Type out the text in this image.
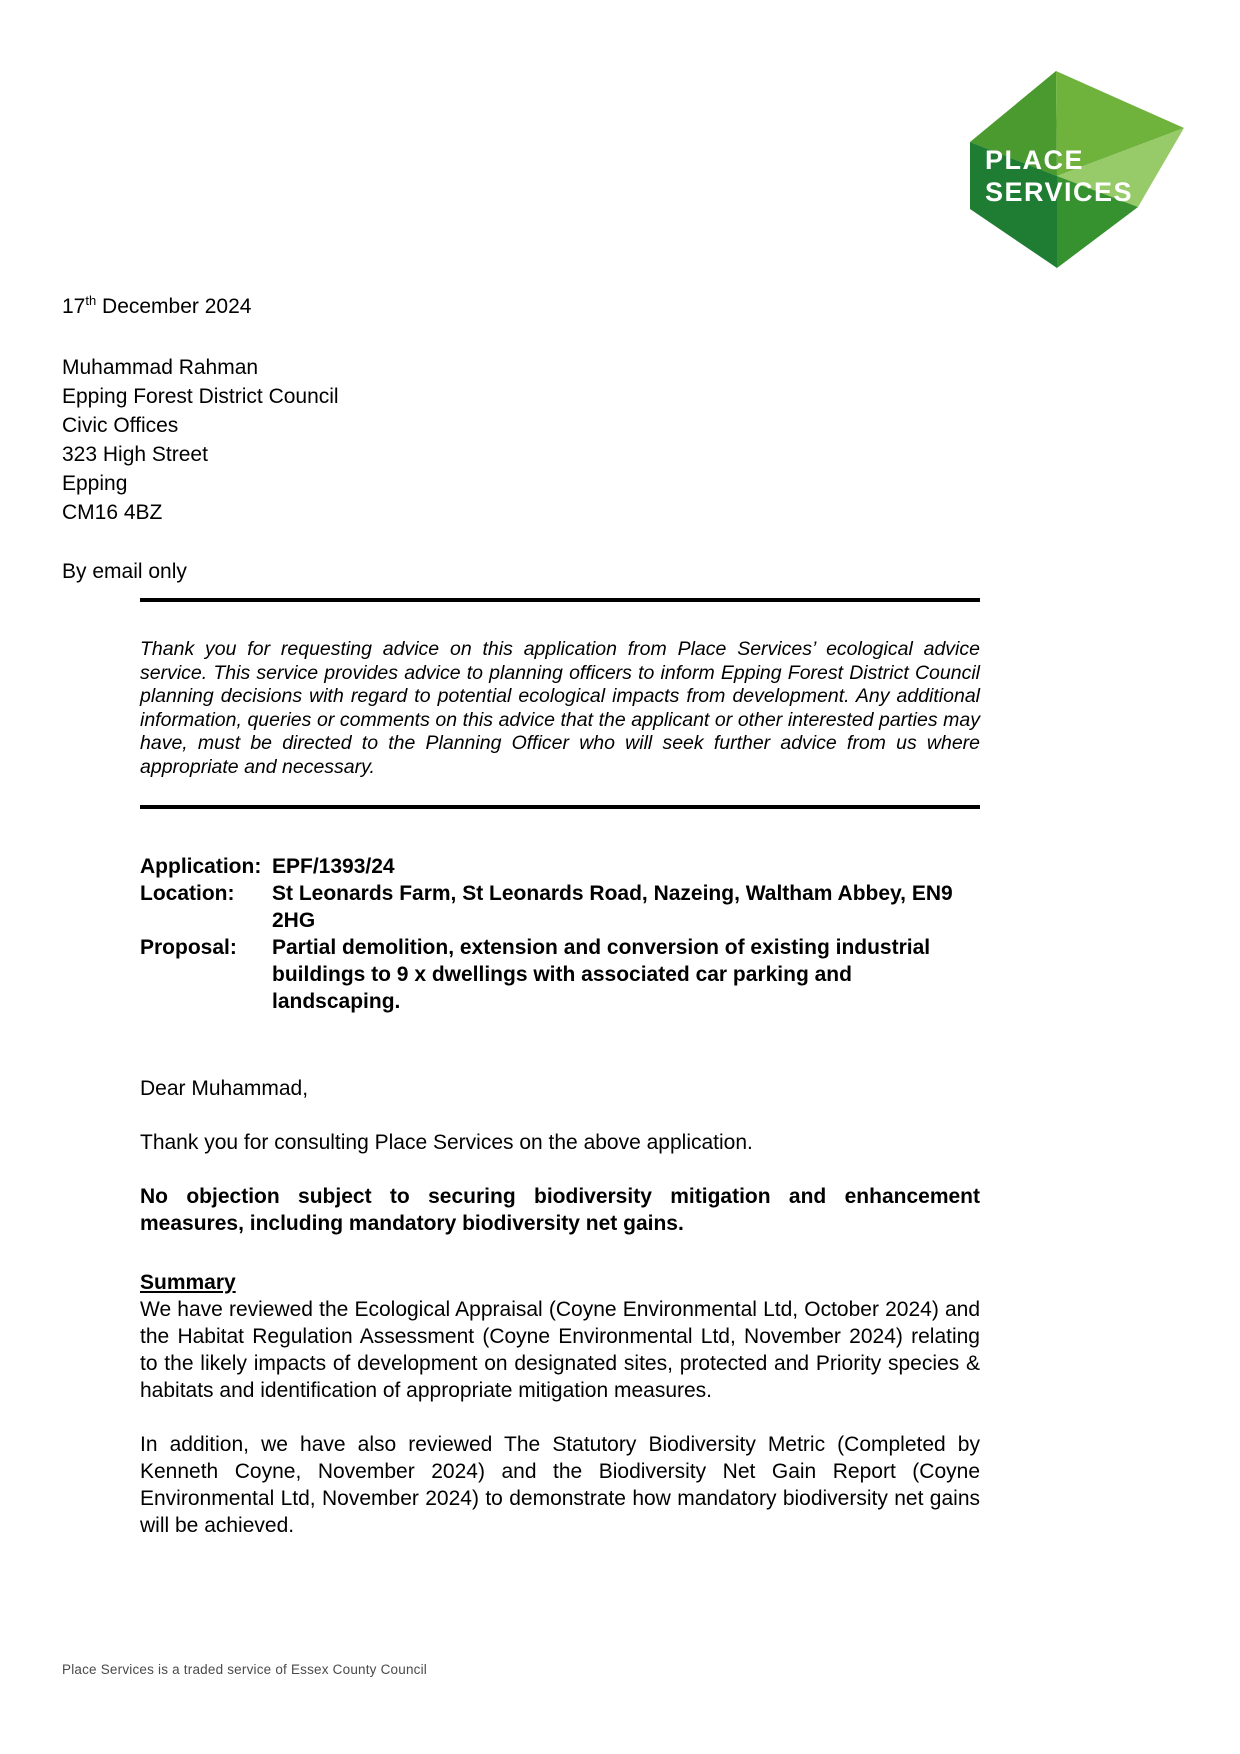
PLACE
SERVICES
17th December 2024
Muhammad Rahman
Epping Forest District Council
Civic Offices
323 High Street
Epping
CM16 4BZ
By email only

Thank you for requesting advice on this application from Place Services’ ecological advice service. This service provides advice to planning officers to inform Epping Forest District Council planning decisions with regard to potential ecological impacts from development. Any additional information, queries or comments on this advice that the applicant or other interested parties may have, must be directed to the Planning Officer who will seek further advice from us where appropriate and necessary.

Application: EPF/1393/24
Location:	St Leonards Farm, St Leonards Road, Nazeing, Waltham Abbey, EN9 2HG
Proposal:	Partial demolition, extension and conversion of existing industrial buildings to 9 x dwellings with associated car parking and landscaping.
Dear Muhammad,

Thank you for consulting Place Services on the above application.

No objection subject to securing biodiversity mitigation and enhancement measures, including mandatory biodiversity net gains.

Summary

We have reviewed the Ecological Appraisal (Coyne Environmental Ltd, October 2024) and the Habitat Regulation Assessment (Coyne Environmental Ltd, November 2024) relating to the likely impacts of development on designated sites, protected and Priority species & habitats and identification of appropriate mitigation measures.

In addition, we have also reviewed The Statutory Biodiversity Metric (Completed by Kenneth Coyne, November 2024) and the Biodiversity Net Gain Report (Coyne Environmental Ltd, November 2024) to demonstrate how mandatory biodiversity net gains will be achieved.

Place Services is a traded service of Essex County Council
